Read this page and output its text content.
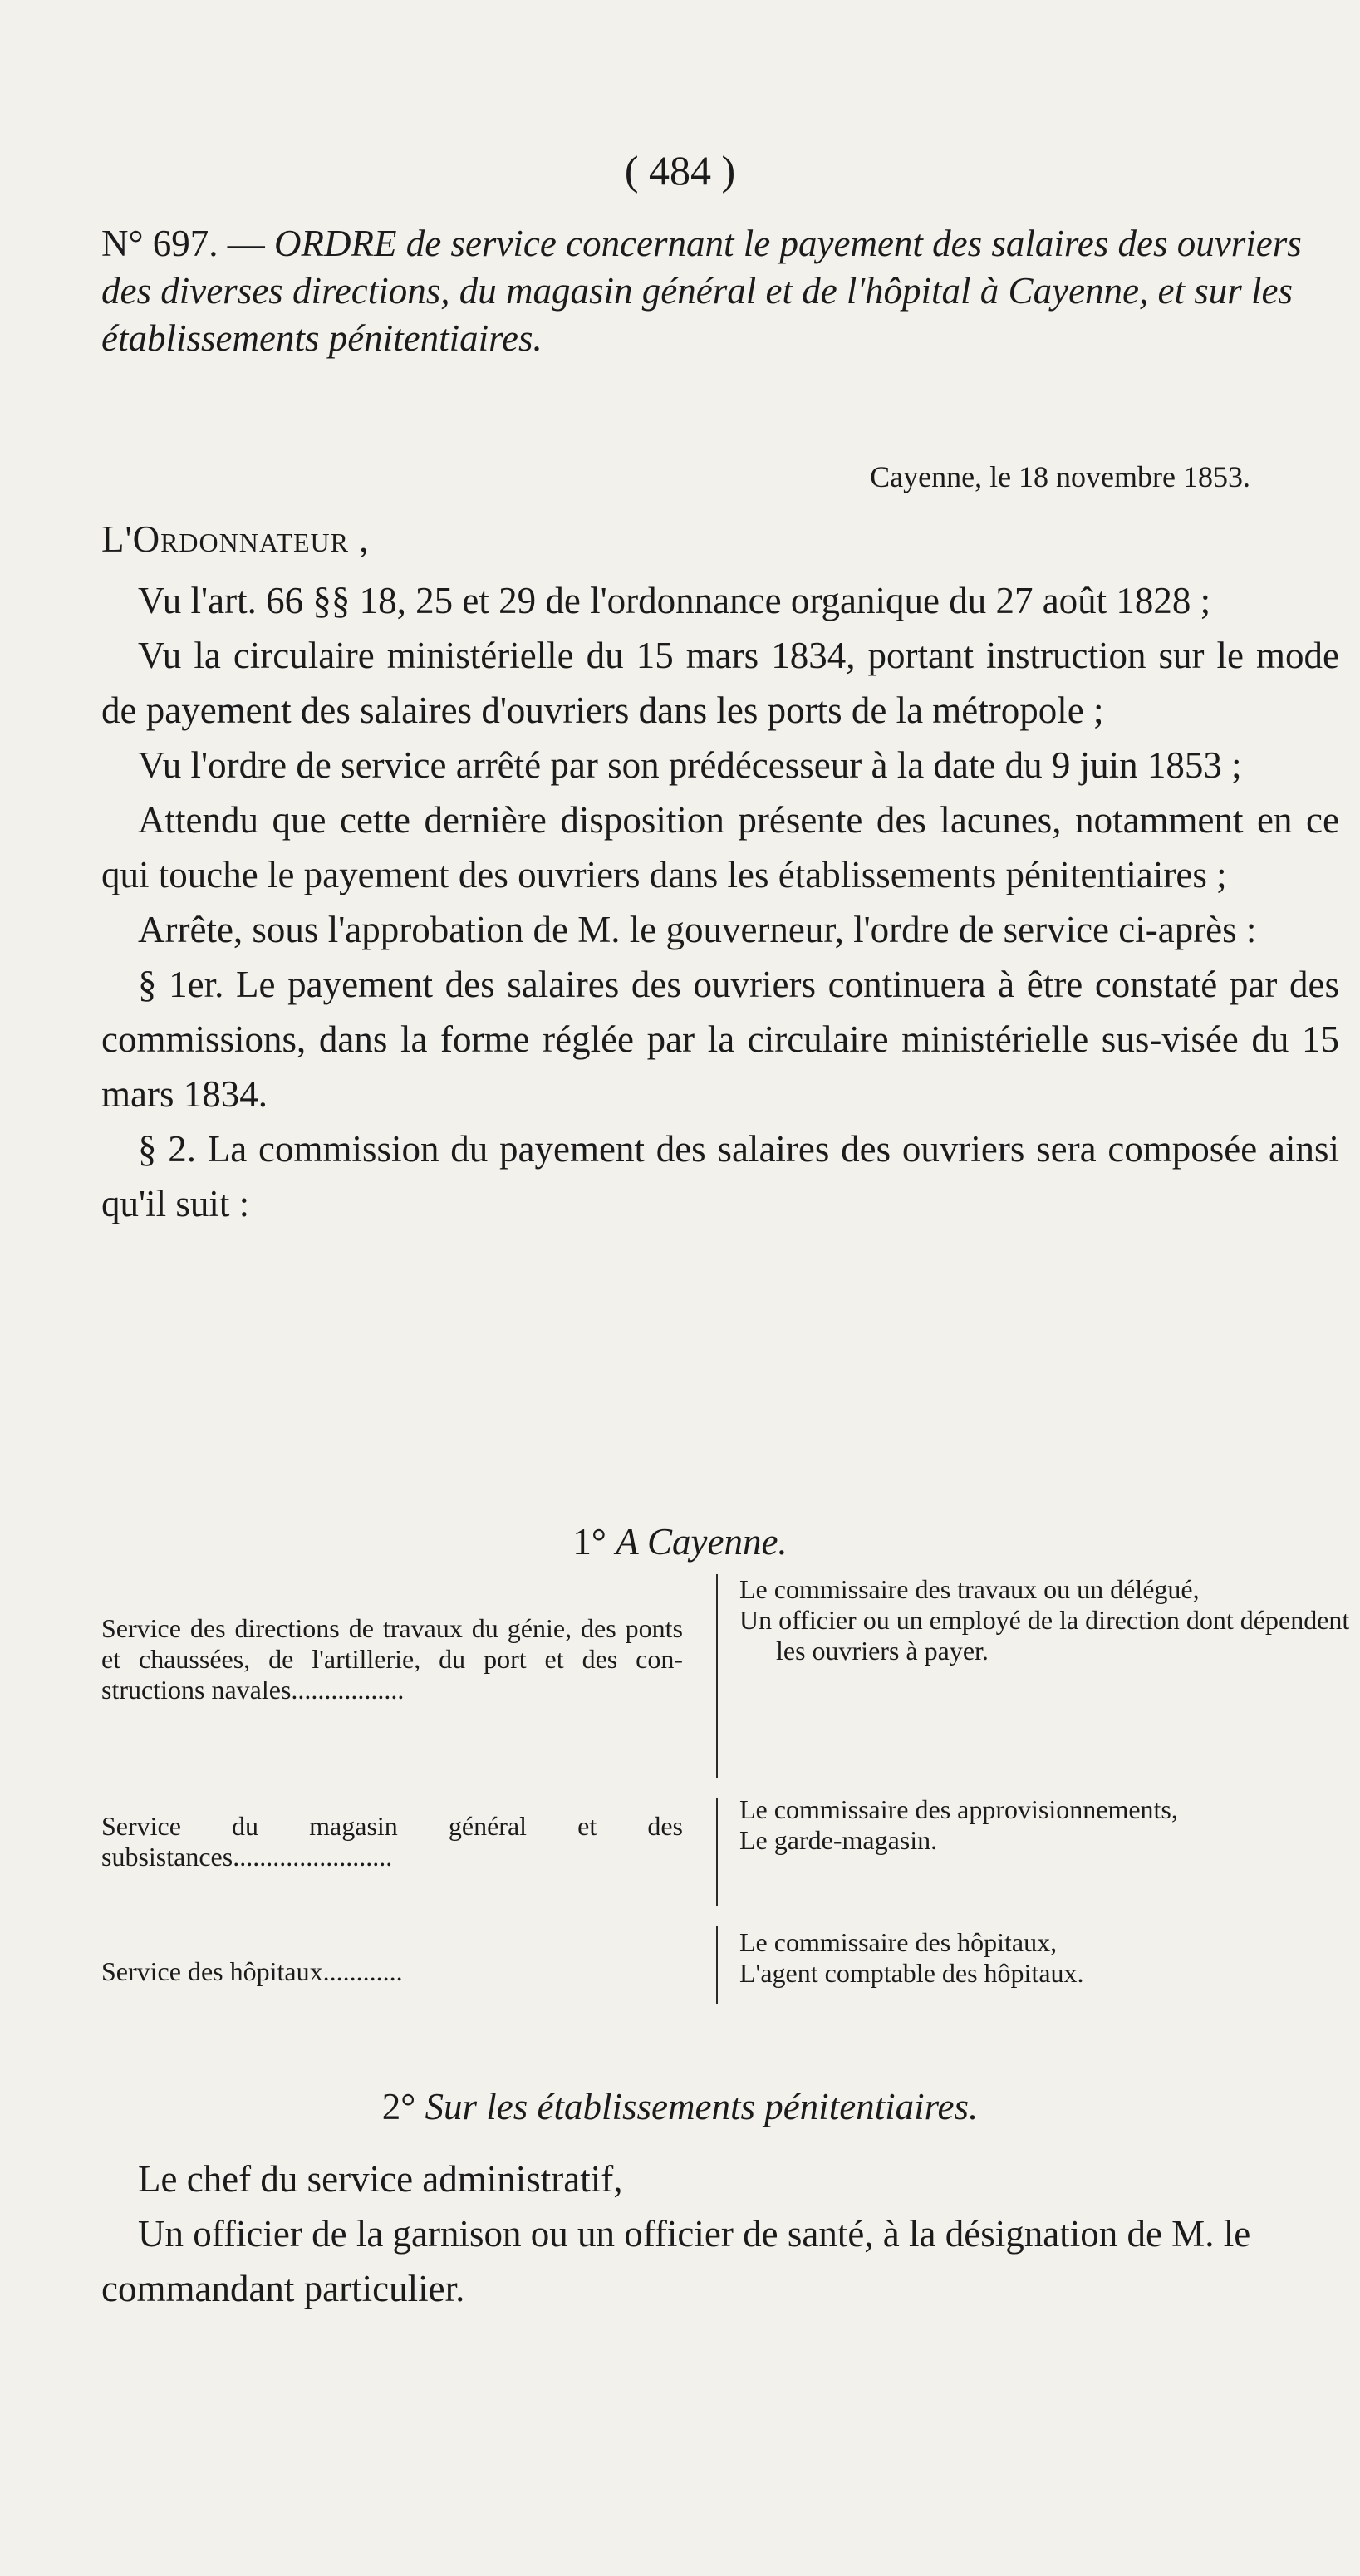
( 484 )
N° 697. — ORDRE de service concernant le payement des salaires des ouvriers des diverses directions, du magasin général et de l'hôpital à Cayenne, et sur les établissements pénitentiaires.
Cayenne, le 18 novembre 1853.
L'Ordonnateur ,

Vu l'art. 66 §§ 18, 25 et 29 de l'ordonnance organique du 27 août 1828 ;

Vu la circulaire ministérielle du 15 mars 1834, portant instruction sur le mode de payement des salaires d'ouvriers dans les ports de la métropole ;

Vu l'ordre de service arrêté par son prédécesseur à la date du 9 juin 1853 ;

Attendu que cette dernière disposition présente des lacunes, notamment en ce qui touche le payement des ouvriers dans les établissements pénitentiaires ;

Arrête, sous l'approbation de M. le gouverneur, l'ordre de service ci-après :

§ 1er. Le payement des salaires des ouvriers continuera à être constaté par des commissions, dans la forme réglée par la circulaire ministérielle sus-visée du 15 mars 1834.

§ 2. La commission du payement des salaires des ouvriers sera composée ainsi qu'il suit :

1° A Cayenne.
Service des directions de travaux du génie, des ponts et chaussées, de l'artillerie, du port et des constructions navales.................

Le commissaire des travaux ou un délégué,

Un officier ou un employé de la direction dont dépendent les ouvriers à payer.

Service du magasin général et des subsistances........................

Le commissaire des approvisionnements,

Le garde-magasin.

Service des hôpitaux............

Le commissaire des hôpitaux,

L'agent comptable des hôpitaux.

2° Sur les établissements pénitentiaires.

Le chef du service administratif,

Un officier de la garnison ou un officier de santé, à la désignation de M. le commandant particulier.
